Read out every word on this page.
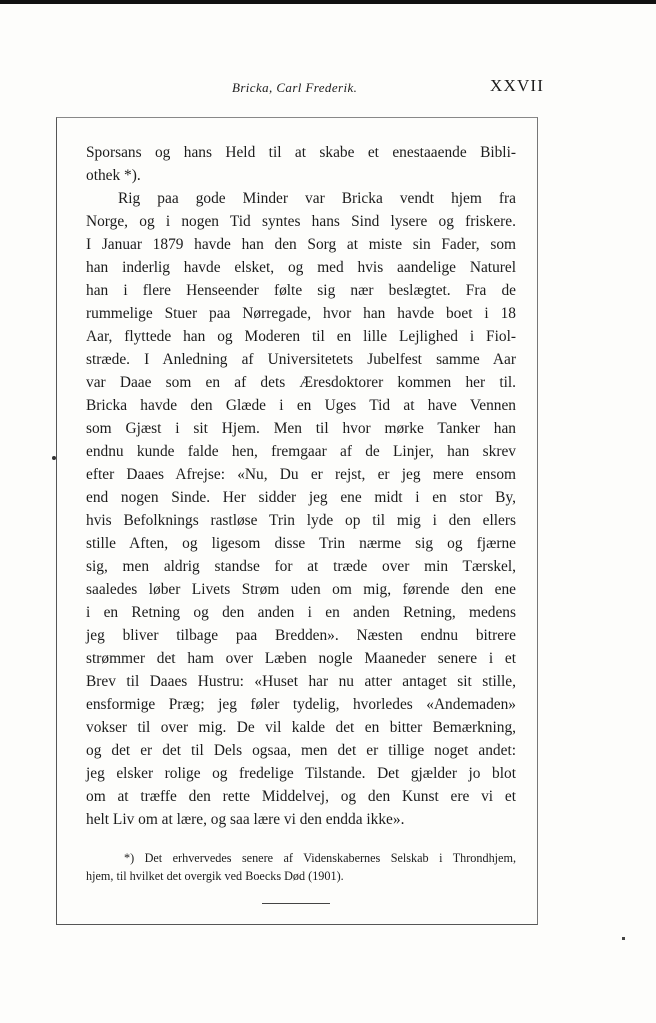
Bricka, Carl Frederik.	XXVII
Sporsans og hans Held til at skabe et enestaaende Bibli-
othek *).
Rig paa gode Minder var Bricka vendt hjem fra
Norge, og i nogen Tid syntes hans Sind lysere og friskere.
I Januar 1879 havde han den Sorg at miste sin Fader, som
han inderlig havde elsket, og med hvis aandelige Naturel
han i flere Henseender følte sig nær beslægtet. Fra de
rummelige Stuer paa Nørregade, hvor han havde boet i 18
Aar, flyttede han og Moderen til en lille Lejlighed i Fiol-
stræde. I Anledning af Universitetets Jubelfest samme Aar
var Daae som en af dets Æresdoktorer kommen her til.
Bricka havde den Glæde i en Uges Tid at have Vennen
som Gjæst i sit Hjem. Men til hvor mørke Tanker han
endnu kunde falde hen, fremgaar af de Linjer, han skrev
efter Daaes Afrejse: «Nu, Du er rejst, er jeg mere ensom
end nogen Sinde. Her sidder jeg ene midt i en stor By,
hvis Befolknings rastløse Trin lyde op til mig i den ellers
stille Aften, og ligesom disse Trin nærme sig og fjærne
sig, men aldrig standse for at træde over min Tærskel,
saaledes løber Livets Strøm uden om mig, førende den ene
i en Retning og den anden i en anden Retning, medens
jeg bliver tilbage paa Bredden». Næsten endnu bitrere
strømmer det ham over Læben nogle Maaneder senere i et
Brev til Daaes Hustru: «Huset har nu atter antaget sit stille,
ensformige Præg; jeg føler tydelig, hvorledes «Andemaden»
vokser til over mig. De vil kalde det en bitter Bemærkning,
og det er det til Dels ogsaa, men det er tillige noget andet:
jeg elsker rolige og fredelige Tilstande. Det gjælder jo blot
om at træffe den rette Middelvej, og den Kunst ere vi et
helt Liv om at lære, og saa lære vi den endda ikke».
*) Det erhvervedes senere af Videnskabernes Selskab i Throndhjem,
hjem, til hvilket det overgik ved Boecks Død (1901).
